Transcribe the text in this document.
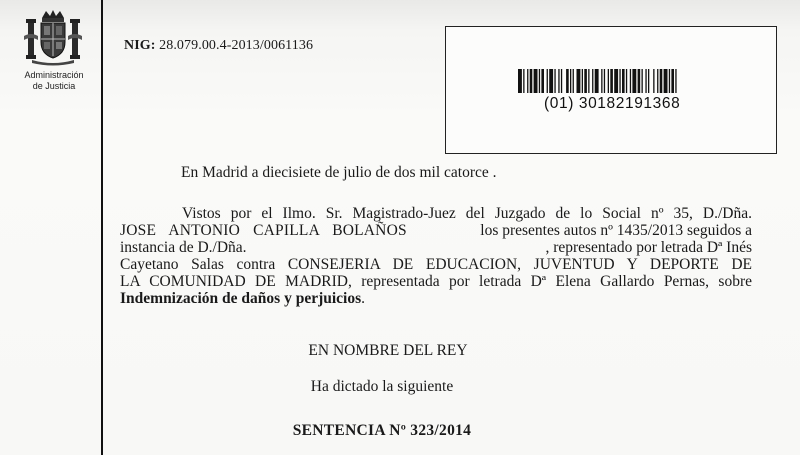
Administración
de Justicia
NIG: 28.079.00.4-2013/0061136
(01) 30182191368
En Madrid a diecisiete de julio de dos mil catorce .
Vistos por el Ilmo. Sr. Magistrado-Juez del Juzgado de lo Social nº 35, D./Dña.
JOSE ANTONIO CAPILLA BOLAÑOS	los presentes autos nº 1435/2013 seguidos a
instancia de D./Dña.	, representado por letrada Dª Inés
Cayetano Salas contra CONSEJERIA DE EDUCACION, JUVENTUD Y DEPORTE DE
LA COMUNIDAD DE MADRID, representada por letrada Dª Elena Gallardo Pernas, sobre
Indemnización de daños y perjuicios.
EN NOMBRE DEL REY
Ha dictado la siguiente
SENTENCIA Nº 323/2014
